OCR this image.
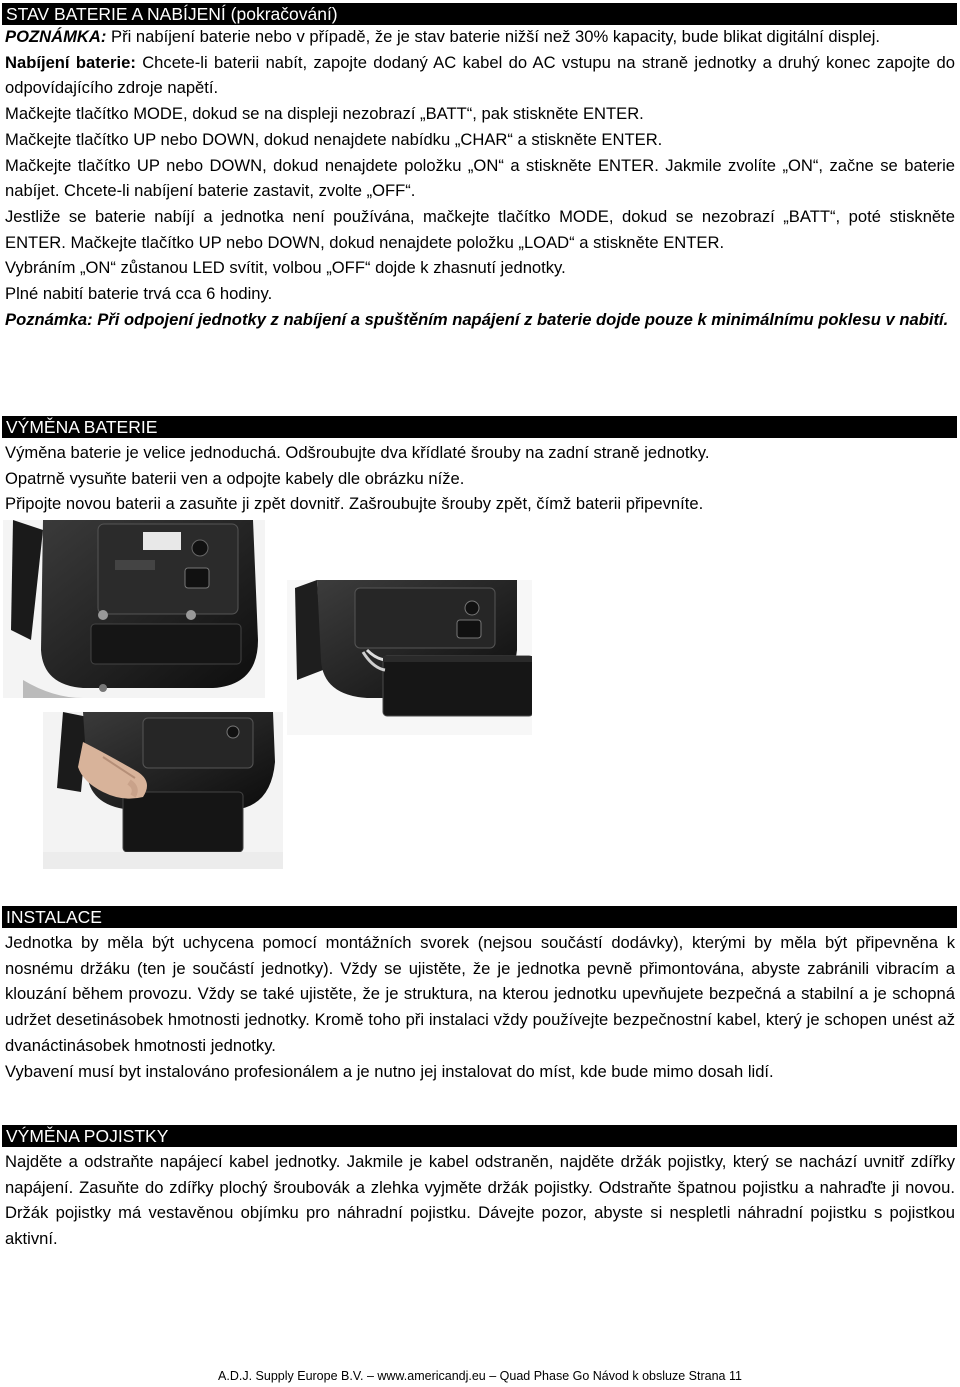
STAV BATERIE A NABÍJENÍ (pokračování)

POZNÁMKA: Při nabíjení baterie nebo v případě, že je stav baterie nižší než 30% kapacity, bude blikat digitální displej.

Nabíjení baterie: Chcete-li baterii nabít, zapojte dodaný AC kabel do AC vstupu na straně jednotky a druhý konec zapojte do odpovídajícího zdroje napětí.

Mačkejte tlačítko MODE, dokud se na displeji nezobrazí „BATT“, pak stiskněte ENTER.

Mačkejte tlačítko UP nebo DOWN, dokud nenajdete nabídku „CHAR“ a stiskněte ENTER.

Mačkejte tlačítko UP nebo DOWN, dokud nenajdete položku „ON“ a stiskněte ENTER. Jakmile zvolíte „ON“, začne se baterie nabíjet. Chcete-li nabíjení baterie zastavit, zvolte „OFF“.

Jestliže se baterie nabíjí a jednotka není používána, mačkejte tlačítko MODE, dokud se nezobrazí „BATT“, poté stiskněte ENTER. Mačkejte tlačítko UP nebo DOWN, dokud nenajdete položku „LOAD“ a stiskněte ENTER.

Vybráním „ON“ zůstanou LED svítit, volbou „OFF“ dojde k zhasnutí jednotky.

Plné nabití baterie trvá cca 6 hodiny.

Poznámka: Při odpojení jednotky z nabíjení a spuštěním napájení z baterie dojde pouze k minimálnímu poklesu v nabití.

VÝMĚNA BATERIE

Výměna baterie je velice jednoduchá. Odšroubujte dva křídlaté šrouby na zadní straně jednotky.

Opatrně vysuňte baterii ven a odpojte kabely dle obrázku níže.

Připojte novou baterii a zasuňte ji zpět dovnitř. Zašroubujte šrouby zpět, čímž baterii připevníte.

INSTALACE

Jednotka by měla být uchycena pomocí montážních svorek (nejsou součástí dodávky), kterými by měla být připevněna k nosnému držáku (ten je součástí jednotky). Vždy se ujistěte, že je jednotka pevně přimontována, abyste zabránili vibracím a klouzání během provozu. Vždy se také ujistěte, že je struktura, na kterou jednotku upevňujete bezpečná a stabilní a je schopná udržet desetinásobek hmotnosti jednotky. Kromě toho při instalaci vždy používejte bezpečnostní kabel, který je schopen unést až dvanáctinásobek hmotnosti jednotky.

Vybavení musí byt instalováno profesionálem a je nutno jej instalovat do míst, kde bude mimo dosah lidí.

VÝMĚNA POJISTKY

Najděte a odstraňte napájecí kabel jednotky. Jakmile je kabel odstraněn, najděte držák pojistky, který se nachází uvnitř zdířky napájení. Zasuňte do zdířky plochý šroubovák a zlehka vyjměte držák pojistky. Odstraňte špatnou pojistku a nahraďte ji novou. Držák pojistky má vestavěnou objímku pro náhradní pojistku. Dávejte pozor, abyste si nespletli náhradní pojistku s pojistkou aktivní.

A.D.J. Supply Europe B.V. – www.americandj.eu – Quad Phase Go Návod k obsluze Strana 11
